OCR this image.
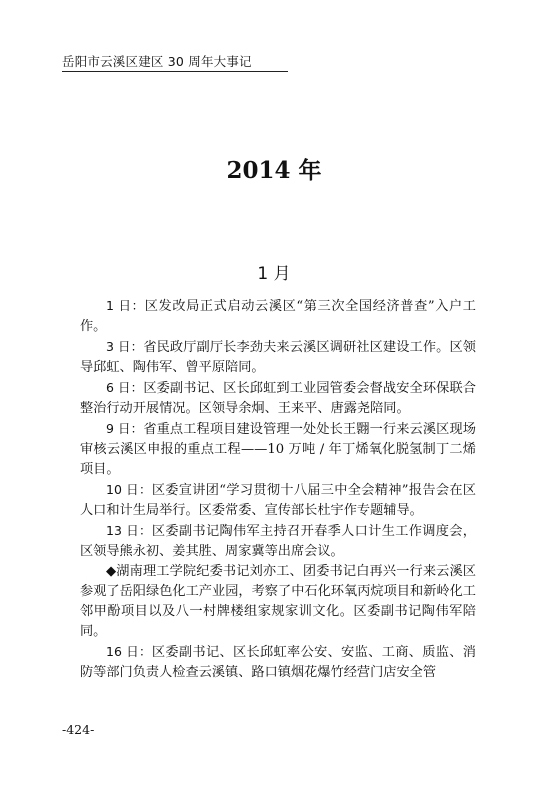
岳阳市云溪区建区 30 周年大事记
2014 年
1 月

1 日：区发改局正式启动云溪区“第三次全国经济普查”入户工作。

3 日：省民政厅副厅长李劲夫来云溪区调研社区建设工作。区领导邱虹、陶伟军、曾平原陪同。

6 日：区委副书记、区长邱虹到工业园管委会督战安全环保联合整治行动开展情况。区领导余炯、王来平、唐露尧陪同。

9 日：省重点工程项目建设管理一处处长王翾一行来云溪区现场审核云溪区申报的重点工程——10 万吨 / 年丁烯氧化脱氢制丁二烯项目。

10 日：区委宣讲团“学习贯彻十八届三中全会精神”报告会在区人口和计生局举行。区委常委、宣传部长杜宇作专题辅导。

13 日：区委副书记陶伟军主持召开春季人口计生工作调度会，区领导熊永初、姜其胜、周家冀等出席会议。

◆湖南理工学院纪委书记刘亦工、团委书记白再兴一行来云溪区参观了岳阳绿色化工产业园，考察了中石化环氧丙烷项目和新岭化工邻甲酚项目以及八一村牌楼组家规家训文化。区委副书记陶伟军陪同。

16 日：区委副书记、区长邱虹率公安、安监、工商、质监、消防等部门负责人检查云溪镇、路口镇烟花爆竹经营门店安全管

-424-
